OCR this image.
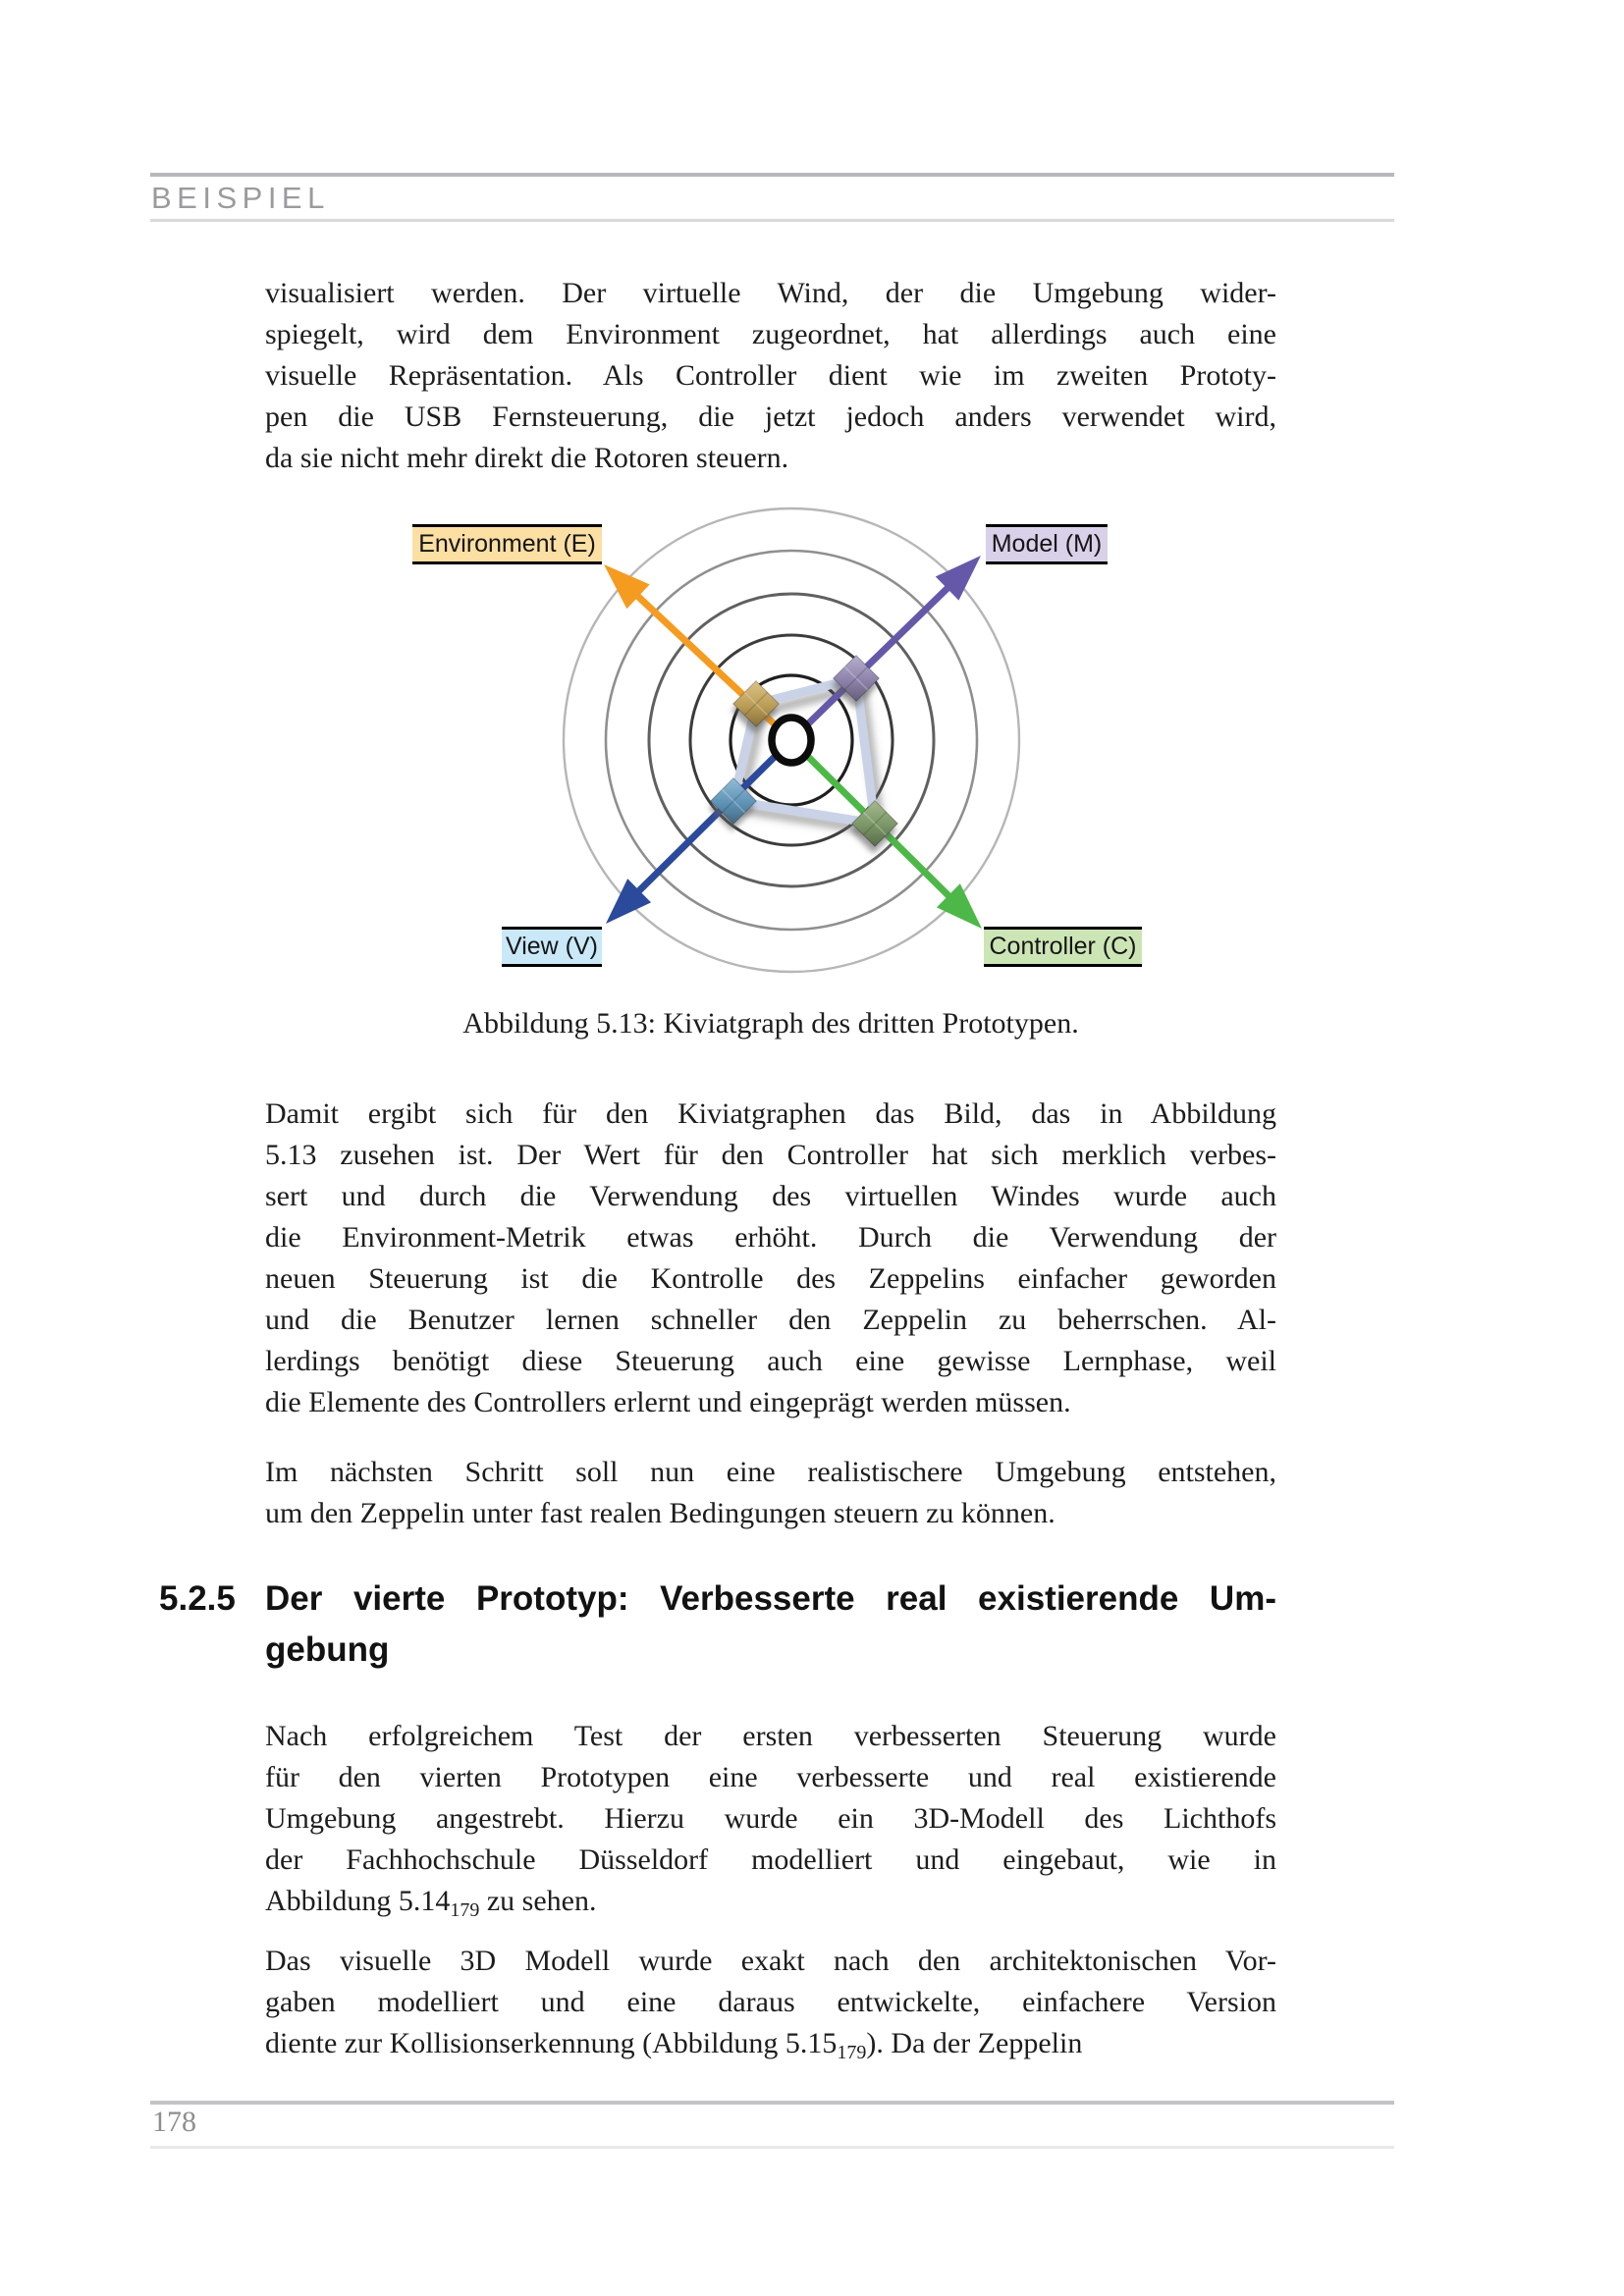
BEISPIEL
visualisiert werden. Der virtuelle Wind, der die Umgebung wider-
spiegelt, wird dem Environment zugeordnet, hat allerdings auch eine
visuelle Repräsentation. Als Controller dient wie im zweiten Prototy-
pen die USB Fernsteuerung, die jetzt jedoch anders verwendet wird,
da sie nicht mehr direkt die Rotoren steuern.
Environment (E)	Model (M)
View (V)	Controller (C)
Abbildung 5.13: Kiviatgraph des dritten Prototypen.
Damit ergibt sich für den Kiviatgraphen das Bild, das in Abbildung
5.13 zusehen ist. Der Wert für den Controller hat sich merklich verbes-
sert und durch die Verwendung des virtuellen Windes wurde auch
die Environment-Metrik etwas erhöht. Durch die Verwendung der
neuen Steuerung ist die Kontrolle des Zeppelins einfacher geworden
und die Benutzer lernen schneller den Zeppelin zu beherrschen. Al-
lerdings benötigt diese Steuerung auch eine gewisse Lernphase, weil
die Elemente des Controllers erlernt und eingeprägt werden müssen.
Im nächsten Schritt soll nun eine realistischere Umgebung entstehen,
um den Zeppelin unter fast realen Bedingungen steuern zu können.
5.2.5 Der vierte Prototyp: Verbesserte real existierende Um-
gebung
Nach erfolgreichem Test der ersten verbesserten Steuerung wurde
für den vierten Prototypen eine verbesserte und real existierende
Umgebung angestrebt. Hierzu wurde ein 3D-Modell des Lichthofs
der Fachhochschule Düsseldorf modelliert und eingebaut, wie in
Abbildung $5.14_{179}$ zu sehen.
Das visuelle 3D Modell wurde exakt nach den architektonischen Vor-
gaben modelliert und eine daraus entwickelte, einfachere Version
diente zur Kollisionserkennung (Abbildung $5.15_{179}$). Da der Zeppelin
178
